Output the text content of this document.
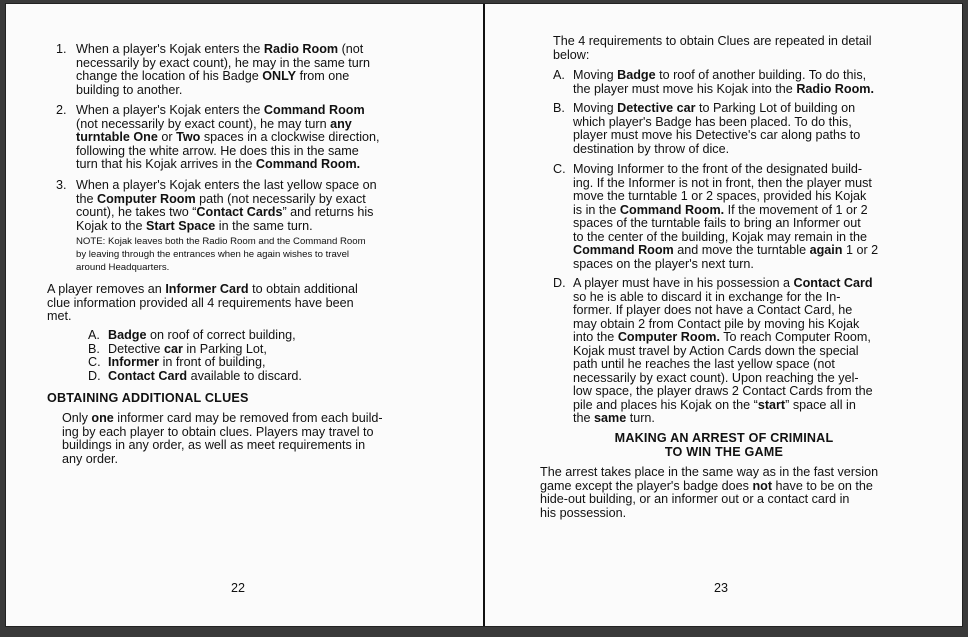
1. When a player's Kojak enters the Radio Room (not
necessarily by exact count), he may in the same turn
change the location of his Badge ONLY from one
building to another.
2. When a player's Kojak enters the Command Room
(not necessarily by exact count), he may turn any
turntable One or Two spaces in a clockwise direction,
following the white arrow. He does this in the same
turn that his Kojak arrives in the Command Room.
3. When a player's Kojak enters the last yellow space on
the Computer Room path (not necessarily by exact
count), he takes two “Contact Cards” and returns his
Kojak to the Start Space in the same turn.
NOTE: Kojak leaves both the Radio Room and the Command Room
by leaving through the entrances when he again wishes to travel
around Headquarters.
A player removes an Informer Card to obtain additional
clue information provided all 4 requirements have been
met.
A. Badge on roof of correct building,
B. Detective car in Parking Lot,
C. Informer in front of building,
D. Contact Card available to discard.
OBTAINING ADDITIONAL CLUES
Only one informer card may be removed from each build-
ing by each player to obtain clues. Players may travel to
buildings in any order, as well as meet requirements in
any order.
22
The 4 requirements to obtain Clues are repeated in detail
below:
A. Moving Badge to roof of another building. To do this,
the player must move his Kojak into the Radio Room.
B. Moving Detective car to Parking Lot of building on
which player's Badge has been placed. To do this,
player must move his Detective's car along paths to
destination by throw of dice.
C. Moving Informer to the front of the designated build-
ing. If the Informer is not in front, then the player must
move the turntable 1 or 2 spaces, provided his Kojak
is in the Command Room. If the movement of 1 or 2
spaces of the turntable fails to bring an Informer out
to the center of the building, Kojak may remain in the
Command Room and move the turntable again 1 or 2
spaces on the player's next turn.
D. A player must have in his possession a Contact Card
so he is able to discard it in exchange for the In-
former. If player does not have a Contact Card, he
may obtain 2 from Contact pile by moving his Kojak
into the Computer Room. To reach Computer Room,
Kojak must travel by Action Cards down the special
path until he reaches the last yellow space (not
necessarily by exact count). Upon reaching the yel-
low space, the player draws 2 Contact Cards from the
pile and places his Kojak on the “start” space all in
the same turn.
MAKING AN ARREST OF CRIMINAL
TO WIN THE GAME
The arrest takes place in the same way as in the fast version
game except the player's badge does not have to be on the
hide-out building, or an informer out or a contact card in
his possession.
23
